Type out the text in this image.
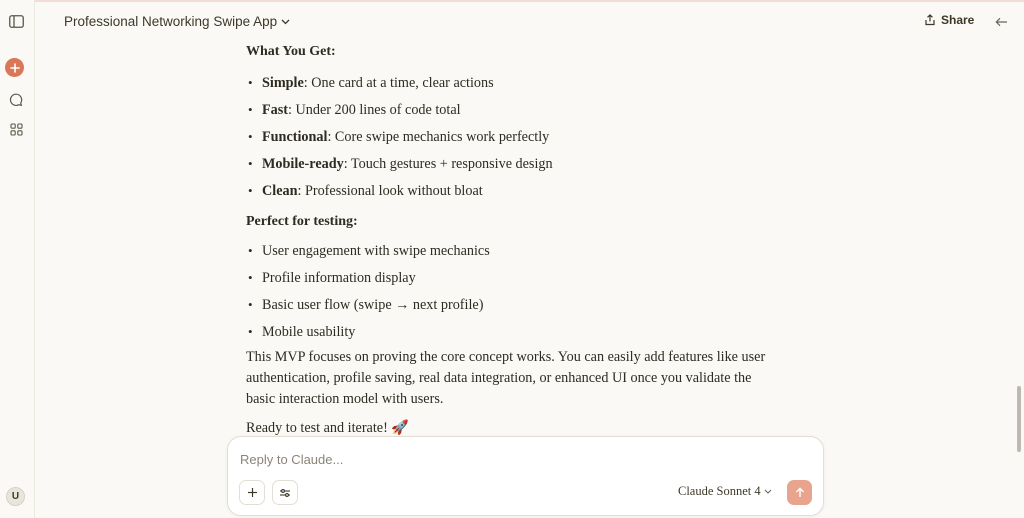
U
Professional Networking Swipe App	Share
What You Get:
• Simple: One card at a time, clear actions
• Fast: Under 200 lines of code total
• Functional: Core swipe mechanics work perfectly
• Mobile-ready: Touch gestures + responsive design
• Clean: Professional look without bloat
Perfect for testing:
• User engagement with swipe mechanics
• Profile information display
• Basic user flow (swipe → next profile)
• Mobile usability

This MVP focuses on proving the core concept works. You can easily add features like user authentication, profile saving, real data integration, or enhanced UI once you validate the basic interaction model with users.

Ready to test and iterate! 🚀
Reply to Claude...
Claude Sonnet 4
